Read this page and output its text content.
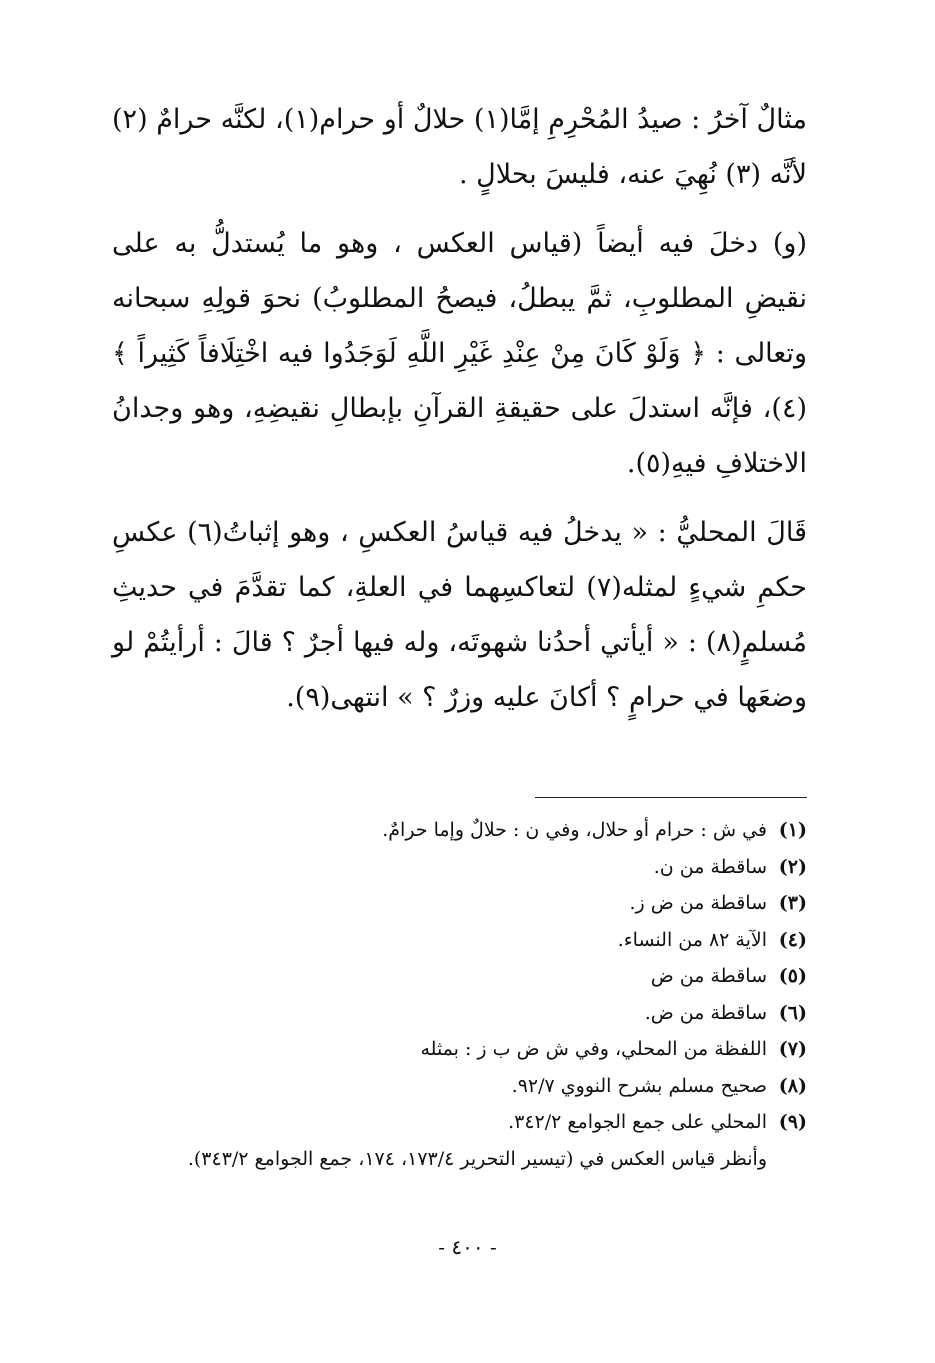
مثالٌ آخرُ : صيدُ المُحْرِمِ إمَّا(١) حلالٌ أو حرام(١)، لكنَّه حرامٌ (٢) لأنَّه (٣) نُهِيَ عنه، فليسَ بحلالٍ .

(و) دخلَ فيه أيضاً (قياس العكس ، وهو ما يُستدلُّ به على نقيضِ المطلوبِ، ثمَّ يبطلُ، فيصحُ المطلوبُ) نحوَ قولِهِ سبحانه وتعالى : ﴿ وَلَوْ كَانَ مِنْ عِنْدِ غَيْرِ اللَّهِ لَوَجَدُوا فيه اخْتِلَافاً كَثِيراً ﴾(٤)، فإنَّه استدلَ على حقيقةِ القرآنِ بإبطالِ نقيضِهِ، وهو وجدانُ الاختلافِ فيهِ(٥).

قَالَ المحليُّ : « يدخلُ فيه قياسُ العكسِ ، وهو إثباتُ(٦) عكسِ حكمِ شيءٍ لمثله(٧) لتعاكسِهما في العلةِ، كما تقدَّمَ في حديثِ مُسلمٍ(٨) : « أيأتي أحدُنا شهوتَه، وله فيها أجرٌ ؟ قالَ : أرأيتُمْ لو وضعَها في حرامٍ ؟ أكانَ عليه وزرٌ ؟ » انتهى(٩).

(١)في ش : حرام أو حلال، وفي ن : حلالٌ وإما حرامٌ.

(٢)ساقطة من ن.

(٣)ساقطة من ض ز.

(٤)الآية ٨٢ من النساء.

(٥)ساقطة من ض

(٦)ساقطة من ض.

(٧)اللفظة من المحلي، وفي ش ض ب ز : بمثله

(٨)صحيح مسلم بشرح النووي ٩٢/٧.

(٩)المحلي على جمع الجوامع ٣٤٢/٢.

وأنظر قياس العكس في (تيسير التحرير ١٧٣/٤، ١٧٤، جمع الجوامع ٣٤٣/٢).

- ٤٠٠ -
